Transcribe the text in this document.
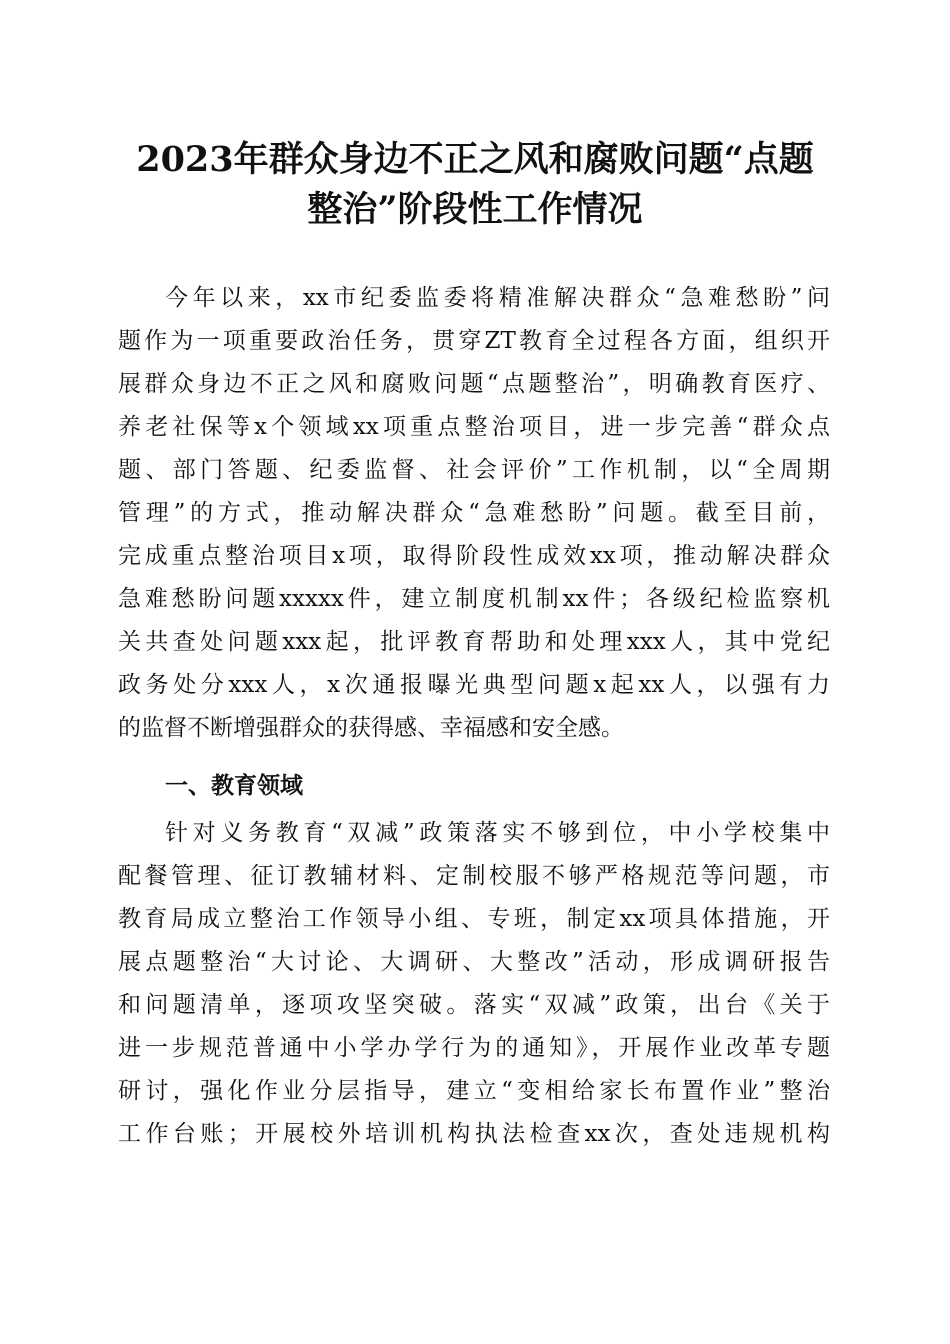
2023年群众身边不正之风和腐败问题“点题
整治”阶段性工作情况

今年以来，xx市纪委监委将精准解决群众“急难愁盼”问

题作为一项重要政治任务，贯穿ZT教育全过程各方面，组织开

展群众身边不正之风和腐败问题“点题整治”，明确教育医疗、

养老社保等x个领域xx项重点整治项目，进一步完善“群众点

题、部门答题、纪委监督、社会评价”工作机制，以“全周期

管理”的方式，推动解决群众“急难愁盼”问题。截至目前，

完成重点整治项目x项，取得阶段性成效xx项，推动解决群众

急难愁盼问题xxxxx件，建立制度机制xx件；各级纪检监察机

关共查处问题xxx起，批评教育帮助和处理xxx人，其中党纪

政务处分xxx人，x次通报曝光典型问题x起xx人，以强有力

的监督不断增强群众的获得感、幸福感和安全感。

一、教育领域

针对义务教育“双减”政策落实不够到位，中小学校集中

配餐管理、征订教辅材料、定制校服不够严格规范等问题，市

教育局成立整治工作领导小组、专班，制定xx项具体措施，开

展点题整治“大讨论、大调研、大整改”活动，形成调研报告

和问题清单，逐项攻坚突破。落实“双减”政策，出台《关于

进一步规范普通中小学办学行为的通知》，开展作业改革专题

研讨，强化作业分层指导，建立“变相给家长布置作业”整治

工作台账；开展校外培训机构执法检查xx次，查处违规机构
